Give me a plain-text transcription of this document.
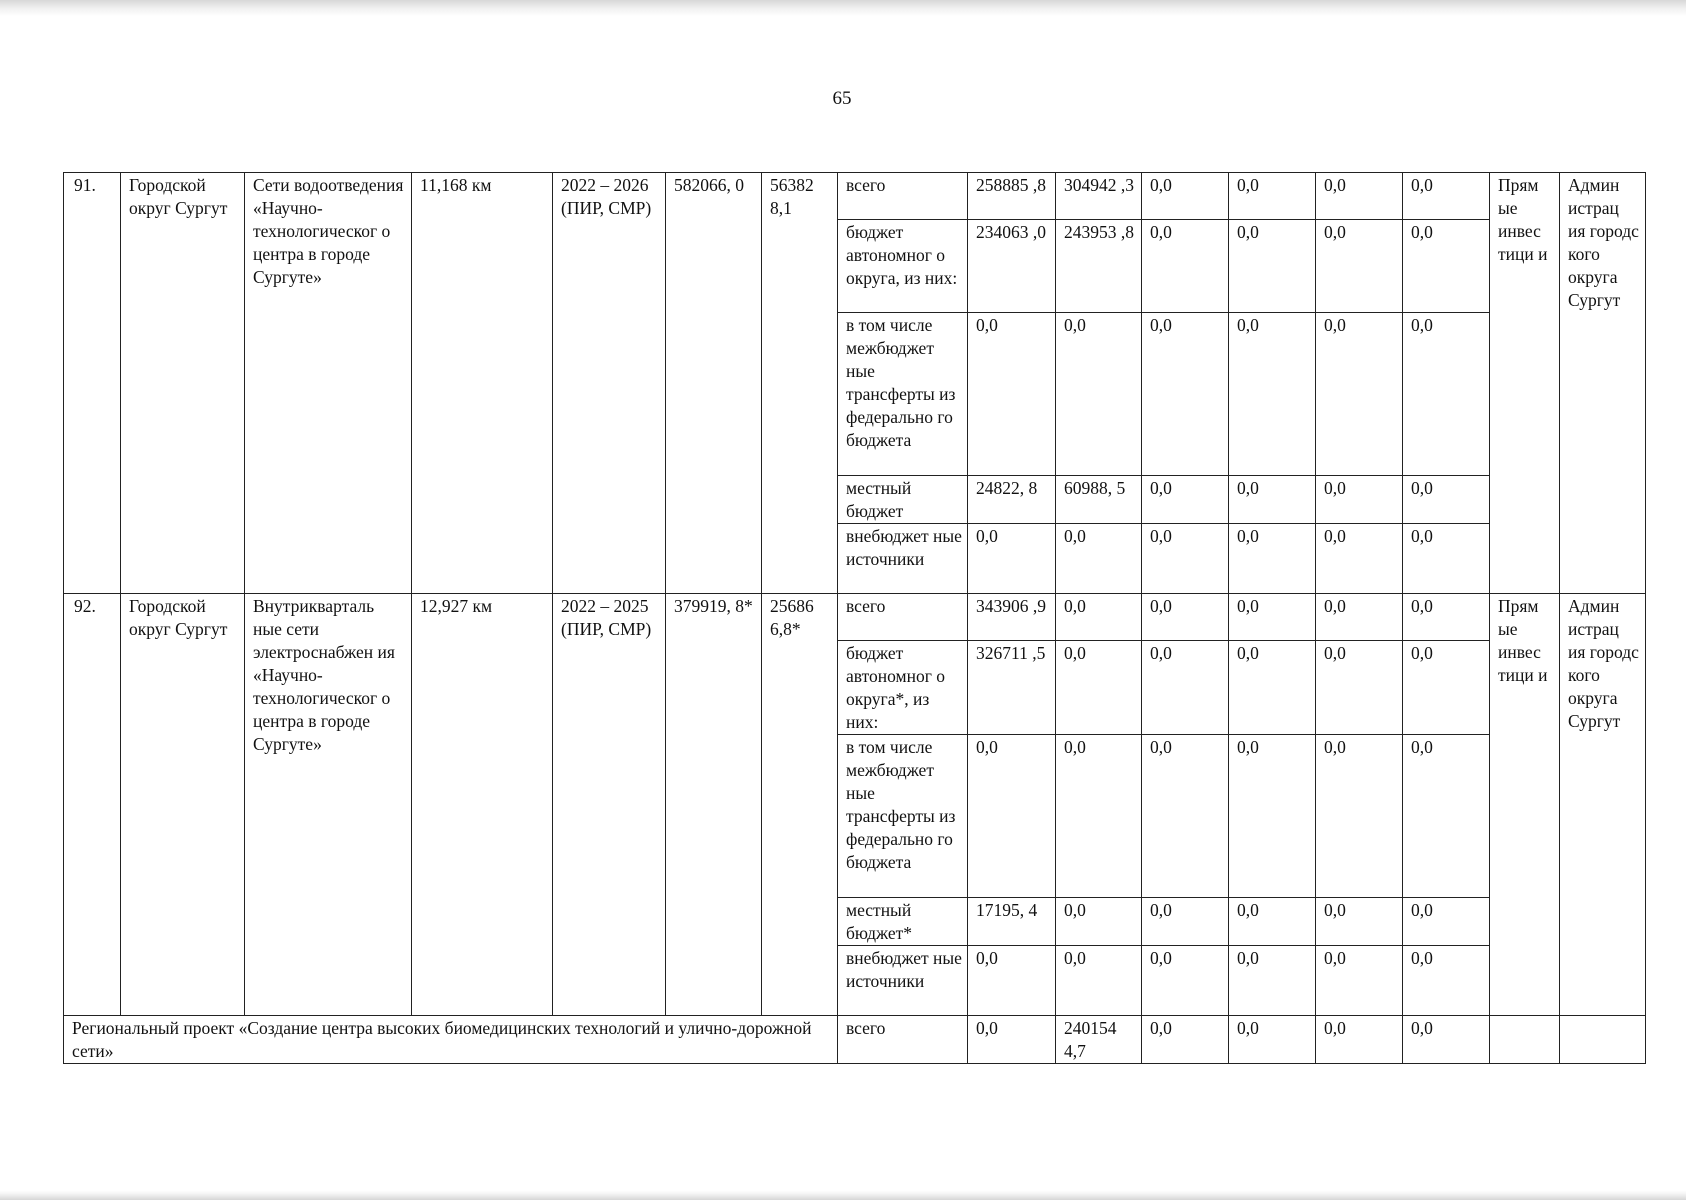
65
91.	Городской округ Сургут	Сети водоотведения «Научно-технологическог о центра в городе Сургуте»	11,168 км	2022 – 2026 (ПИР, СМР)	582066, 0	56382 8,1	всего	258885 ,8	304942 ,3	0,0	0,0	0,0	0,0	Прям ые инвес тици и	Админ истрац ия городс кого округа Сургут
							бюджет автономног о округа, из них:	234063 ,0	243953 ,8	0,0	0,0	0,0	0,0		
							в том числе межбюджет ные трансферты из федерально го бюджета	0,0	0,0	0,0	0,0	0,0	0,0		
							местный бюджет	24822, 8	60988, 5	0,0	0,0	0,0	0,0		
							внебюджет ные источники	0,0	0,0	0,0	0,0	0,0	0,0		
92.	Городской округ Сургут	Внутрикварталь ные сети электроснабжен ия «Научно-технологическог о центра в городе Сургуте»	12,927 км	2022 – 2025 (ПИР, СМР)	379919, 8*	25686 6,8*	всего	343906 ,9	0,0	0,0	0,0	0,0	0,0	Прям ые инвес тици и	Админ истрац ия городс кого округа Сургут
							бюджет автономног о округа*, из них:	326711 ,5	0,0	0,0	0,0	0,0	0,0		
							в том числе межбюджет ные трансферты из федерально го бюджета	0,0	0,0	0,0	0,0	0,0	0,0		
							местный бюджет*	17195, 4	0,0	0,0	0,0	0,0	0,0		
							внебюджет ные источники	0,0	0,0	0,0	0,0	0,0	0,0		
Региональный проект «Создание центра высоких биомедицинских технологий и улично-дорожной сети»							всего	0,0	240154 4,7	0,0	0,0	0,0	0,0		
